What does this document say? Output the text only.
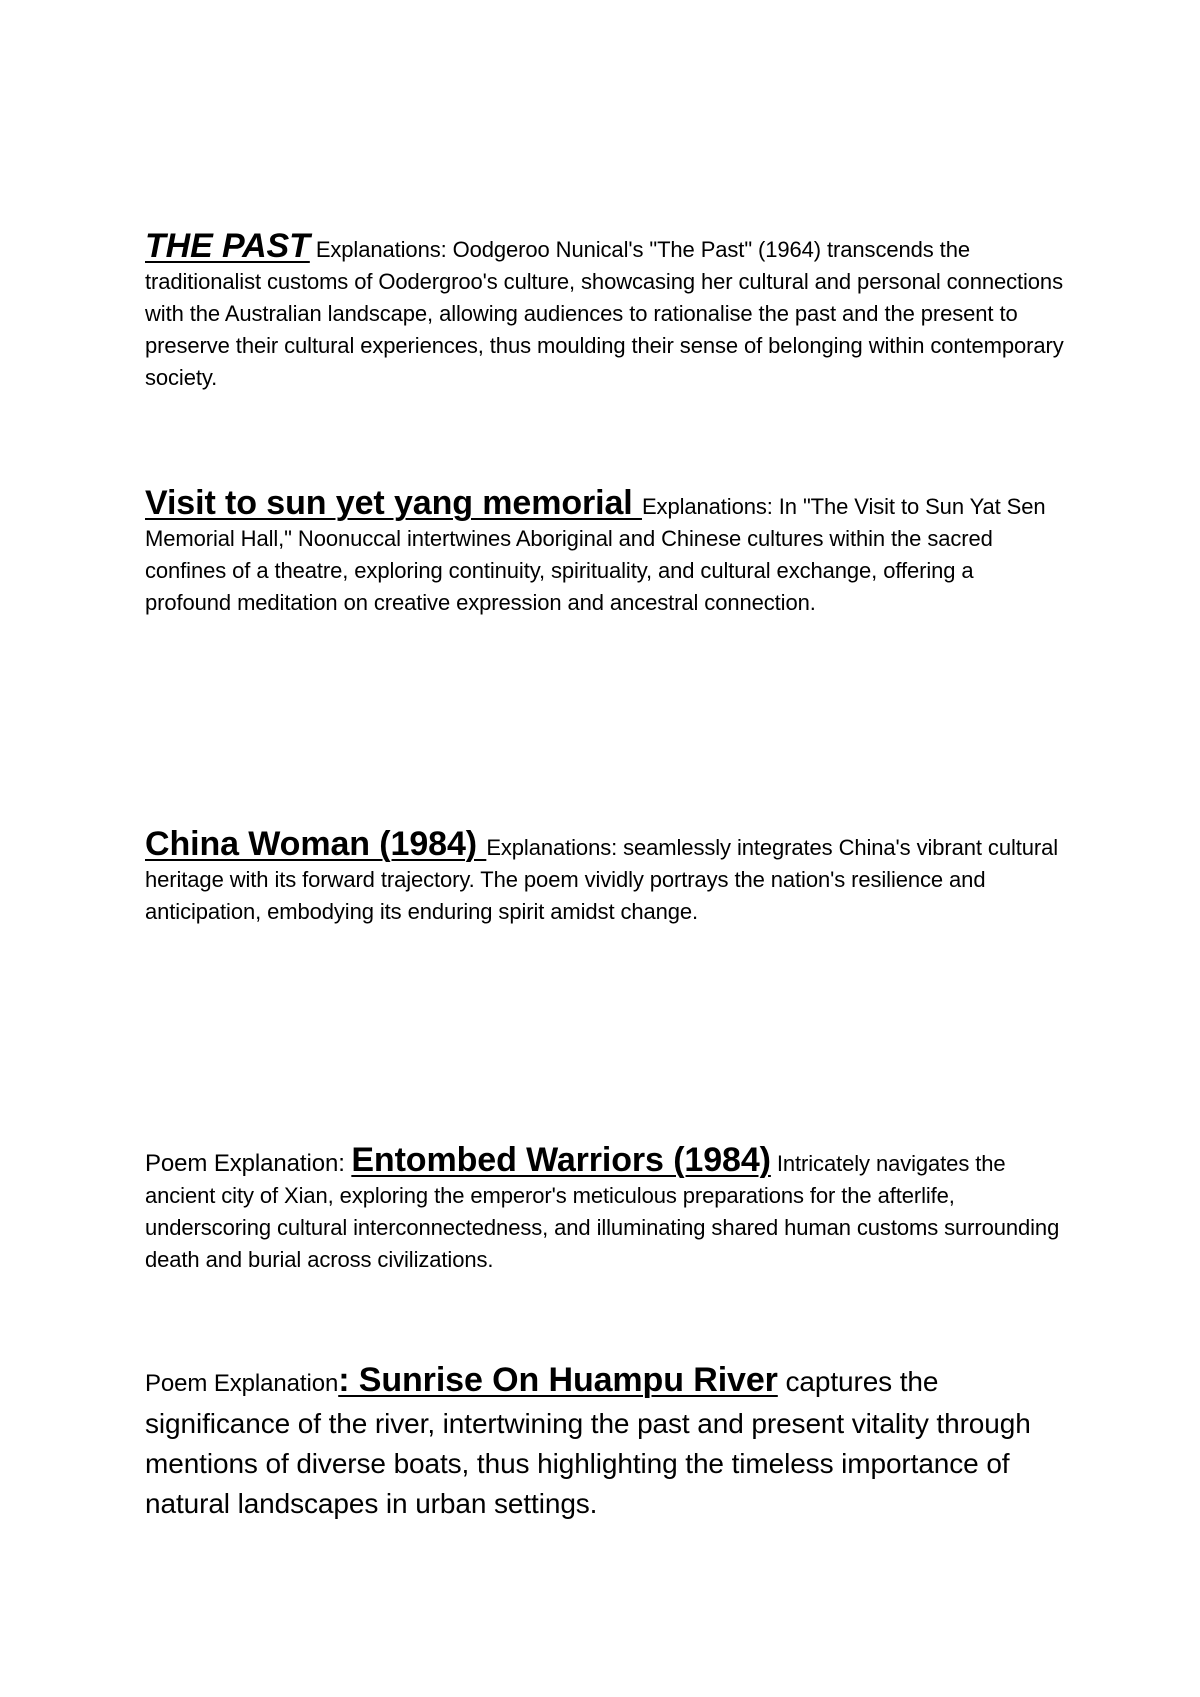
THE PAST Explanations: Oodgeroo Nunical's "The Past" (1964) transcends the traditionalist customs of Oodergroo's culture, showcasing her cultural and personal connections with the Australian landscape, allowing audiences to rationalise the past and the present to preserve their cultural experiences, thus moulding their sense of belonging within contemporary society.

Visit to sun yet yang memorial Explanations: In "The Visit to Sun Yat Sen Memorial Hall," Noonuccal intertwines Aboriginal and Chinese cultures within the sacred confines of a theatre, exploring continuity, spirituality, and cultural exchange, offering a profound meditation on creative expression and ancestral connection.

China Woman (1984) Explanations: seamlessly integrates China's vibrant cultural heritage with its forward trajectory. The poem vividly portrays the nation's resilience and anticipation, embodying its enduring spirit amidst change.

Poem Explanation: Entombed Warriors (1984) Intricately navigates the ancient city of Xian, exploring the emperor's meticulous preparations for the afterlife, underscoring cultural interconnectedness, and illuminating shared human customs surrounding death and burial across civilizations.

Poem Explanation: Sunrise On Huampu River captures the significance of the river, intertwining the past and present vitality through mentions of diverse boats, thus highlighting the timeless importance of natural landscapes in urban settings.
